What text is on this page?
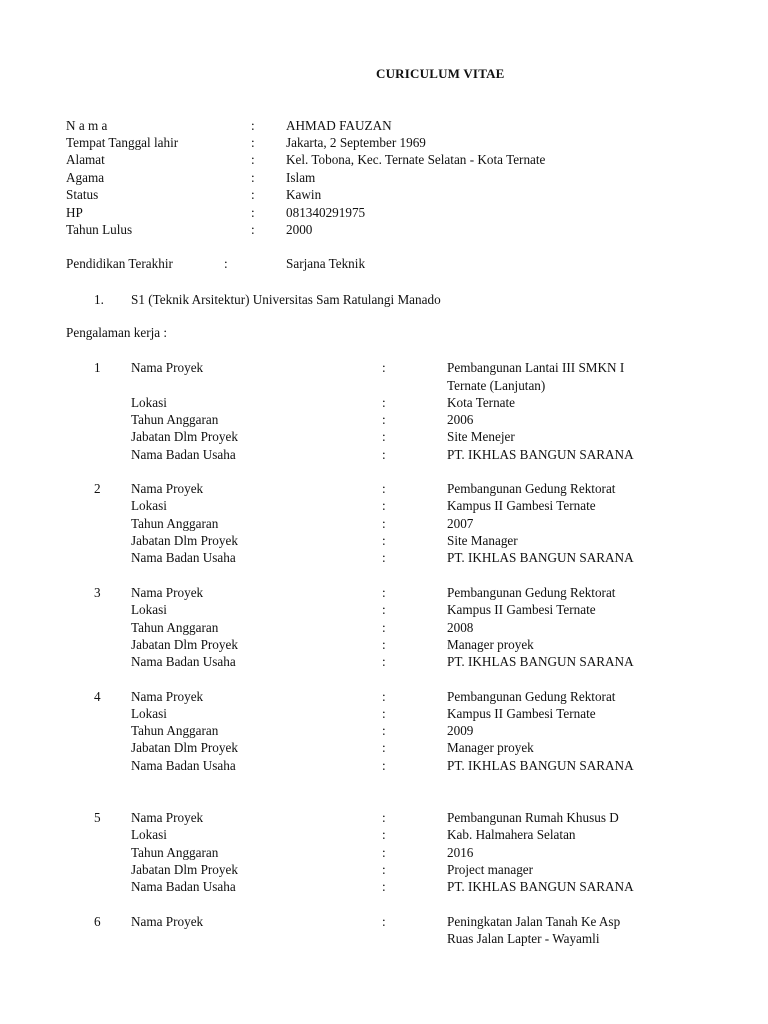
CURICULUM VITAE
N a m a	: AHMAD FAUZAN
Tempat Tanggal lahir	: Jakarta, 2 September 1969
Alamat	: Kel. Tobona, Kec. Ternate Selatan - Kota Ternate
Agama	: Islam
Status	: Kawin
HP	: 081340291975
Tahun Lulus	: 2000
Pendidikan Terakhir	:	Sarjana Teknik
1. S1 (Teknik Arsitektur) Universitas Sam Ratulangi Manado
Pengalaman kerja :
1 Nama Proyek	:	Pembangunan Lantai III SMKN I
Ternate (Lanjutan)
Lokasi	:	Kota Ternate
Tahun Anggaran	:	2006
Jabatan Dlm Proyek	:	Site Menejer
Nama Badan Usaha	:	PT. IKHLAS BANGUN SARANA
2 Nama Proyek	:	Pembangunan Gedung Rektorat
Lokasi	:	Kampus II Gambesi Ternate
Tahun Anggaran	:	2007
Jabatan Dlm Proyek	:	Site Manager
Nama Badan Usaha	:	PT. IKHLAS BANGUN SARANA
3 Nama Proyek	:	Pembangunan Gedung Rektorat
Lokasi	:	Kampus II Gambesi Ternate
Tahun Anggaran	:	2008
Jabatan Dlm Proyek	:	Manager proyek
Nama Badan Usaha	:	PT. IKHLAS BANGUN SARANA
4 Nama Proyek	:	Pembangunan Gedung Rektorat
Lokasi	:	Kampus II Gambesi Ternate
Tahun Anggaran	:	2009
Jabatan Dlm Proyek	:	Manager proyek
Nama Badan Usaha	:	PT. IKHLAS BANGUN SARANA
5 Nama Proyek	:	Pembangunan Rumah Khusus D
Lokasi	:	Kab. Halmahera Selatan
Tahun Anggaran	:	2016
Jabatan Dlm Proyek	:	Project manager
Nama Badan Usaha	:	PT. IKHLAS BANGUN SARANA
6 Nama Proyek	:	Peningkatan Jalan Tanah Ke Asp
Ruas Jalan Lapter - Wayamli
